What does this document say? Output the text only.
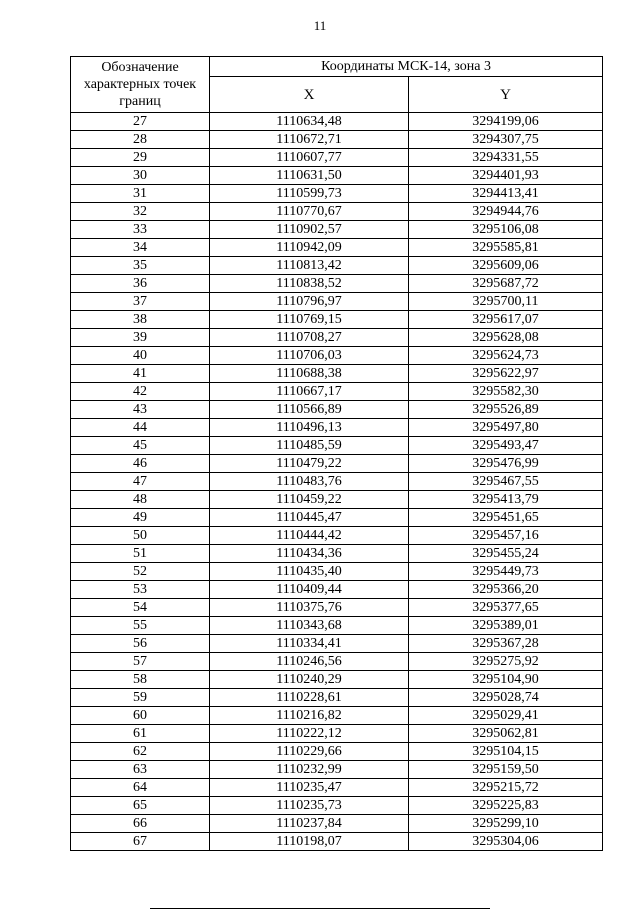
11
Обозначение характерных точек границ	Координаты МСК-14, зона 3	
	X	Y
27	1110634,48	3294199,06
28	1110672,71	3294307,75
29	1110607,77	3294331,55
30	1110631,50	3294401,93
31	1110599,73	3294413,41
32	1110770,67	3294944,76
33	1110902,57	3295106,08
34	1110942,09	3295585,81
35	1110813,42	3295609,06
36	1110838,52	3295687,72
37	1110796,97	3295700,11
38	1110769,15	3295617,07
39	1110708,27	3295628,08
40	1110706,03	3295624,73
41	1110688,38	3295622,97
42	1110667,17	3295582,30
43	1110566,89	3295526,89
44	1110496,13	3295497,80
45	1110485,59	3295493,47
46	1110479,22	3295476,99
47	1110483,76	3295467,55
48	1110459,22	3295413,79
49	1110445,47	3295451,65
50	1110444,42	3295457,16
51	1110434,36	3295455,24
52	1110435,40	3295449,73
53	1110409,44	3295366,20
54	1110375,76	3295377,65
55	1110343,68	3295389,01
56	1110334,41	3295367,28
57	1110246,56	3295275,92
58	1110240,29	3295104,90
59	1110228,61	3295028,74
60	1110216,82	3295029,41
61	1110222,12	3295062,81
62	1110229,66	3295104,15
63	1110232,99	3295159,50
64	1110235,47	3295215,72
65	1110235,73	3295225,83
66	1110237,84	3295299,10
67	1110198,07	3295304,06
